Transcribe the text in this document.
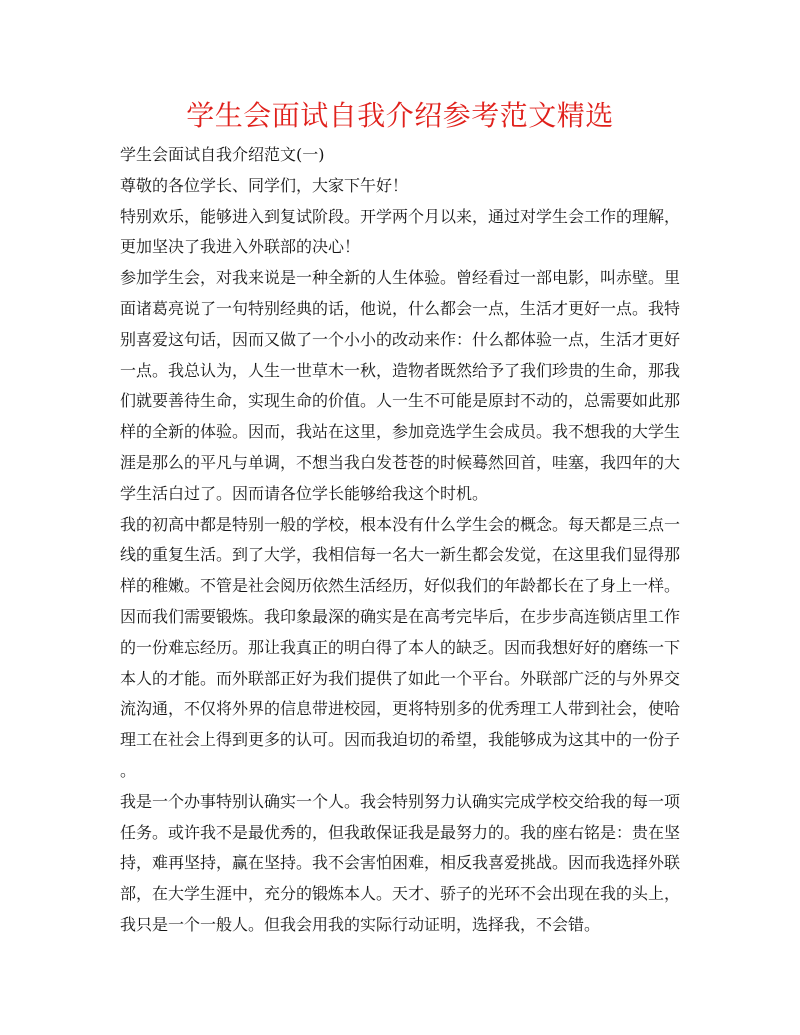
学生会面试自我介绍参考范文精选
学生会面试自我介绍范文(一)
尊敬的各位学长、同学们，大家下午好！
特别欢乐，能够进入到复试阶段。开学两个月以来，通过对学生会工作的理解，
更加坚决了我进入外联部的决心！
参加学生会，对我来说是一种全新的人生体验。曾经看过一部电影，叫赤壁。里
面诸葛亮说了一句特别经典的话，他说，什么都会一点，生活才更好一点。我特
别喜爱这句话，因而又做了一个小小的改动来作：什么都体验一点，生活才更好
一点。我总认为，人生一世草木一秋，造物者既然给予了我们珍贵的生命，那我
们就要善待生命，实现生命的价值。人一生不可能是原封不动的，总需要如此那
样的全新的体验。因而，我站在这里，参加竞选学生会成员。我不想我的大学生
涯是那么的平凡与单调，不想当我白发苍苍的时候蓦然回首，哇塞，我四年的大
学生活白过了。因而请各位学长能够给我这个时机。
我的初高中都是特别一般的学校，根本没有什么学生会的概念。每天都是三点一
线的重复生活。到了大学，我相信每一名大一新生都会发觉，在这里我们显得那
样的稚嫩。不管是社会阅历依然生活经历，好似我们的年龄都长在了身上一样。
因而我们需要锻炼。我印象最深的确实是在高考完毕后，在步步高连锁店里工作
的一份难忘经历。那让我真正的明白得了本人的缺乏。因而我想好好的磨练一下
本人的才能。而外联部正好为我们提供了如此一个平台。外联部广泛的与外界交
流沟通，不仅将外界的信息带进校园，更将特别多的优秀理工人带到社会，使哈
理工在社会上得到更多的认可。因而我迫切的希望，我能够成为这其中的一份子
。
我是一个办事特别认确实一个人。我会特别努力认确实完成学校交给我的每一项
任务。或许我不是最优秀的，但我敢保证我是最努力的。我的座右铭是：贵在坚
持，难再坚持，赢在坚持。我不会害怕困难，相反我喜爱挑战。因而我选择外联
部，在大学生涯中，充分的锻炼本人。天才、骄子的光环不会出现在我的头上，
我只是一个一般人。但我会用我的实际行动证明，选择我，不会错。
